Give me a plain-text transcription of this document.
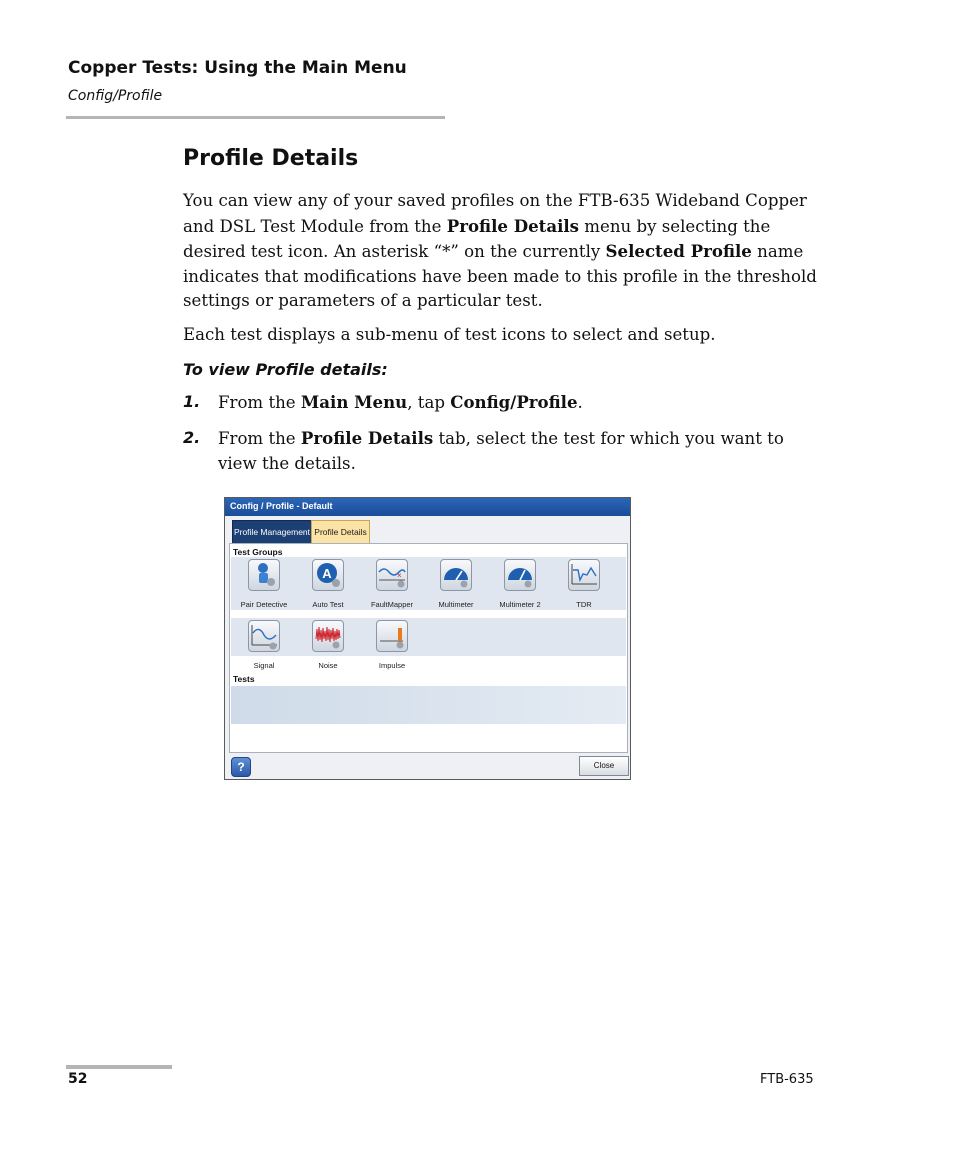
Copper Tests: Using the Main Menu
Config/Profile
Profile Details
You can view any of your saved profiles on the FTB-635 Wideband Copper and DSL Test Module from the Profile Details menu by selecting the desired test icon. An asterisk “*” on the currently Selected Profile name indicates that modifications have been made to this profile in the threshold settings or parameters of a particular test.
Each test displays a sub-menu of test icons to select and setup.
To view Profile details:
1. From the Main Menu, tap Config/Profile.
2. From the Profile Details tab, select the test for which you want to view the details.
Config / Profile - Default
Profile Management Profile Details
Test Groups
Pair Detective
A
Auto Test
×
FaultMapper	Multimeter	Multimeter 2	TDR
Signal	Noise	Impulse
Tests
?	Close
52	FTB-635
